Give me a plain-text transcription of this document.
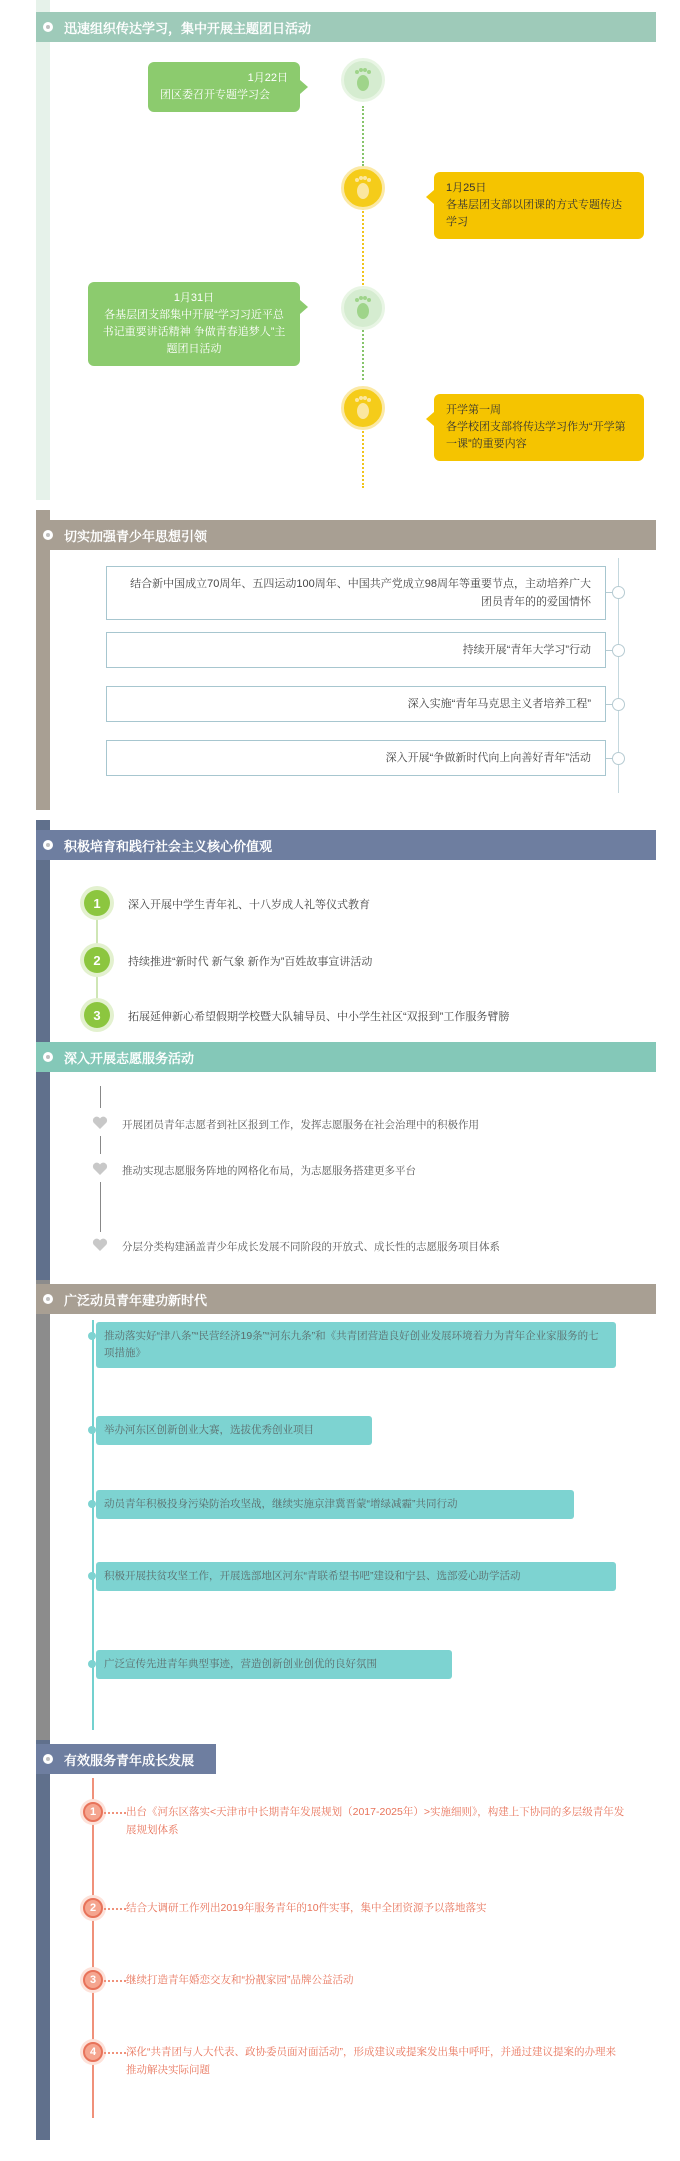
迅速组织传达学习，集中开展主题团日活动
1月22日
团区委召开专题学习会
1月25日
各基层团支部以团课的方式专题传达学习
1月31日
各基层团支部集中开展“学习习近平总书记重要讲话精神 争做青春追梦人”主题团日活动
开学第一周
各学校团支部将传达学习作为“开学第一课”的重要内容
切实加强青少年思想引领
结合新中国成立70周年、五四运动100周年、中国共产党成立98周年等重要节点，主动培养广大团员青年的的爱国情怀
持续开展“青年大学习”行动
深入实施“青年马克思主义者培养工程”
深入开展“争做新时代向上向善好青年”活动
积极培育和践行社会主义核心价值观
1	深入开展中学生青年礼、十八岁成人礼等仪式教育
2	持续推进“新时代 新气象 新作为”百姓故事宣讲活动
3	拓展延伸新心希望假期学校暨大队辅导员、中小学生社区“双报到”工作服务臂膀
深入开展志愿服务活动
开展团员青年志愿者到社区报到工作，发挥志愿服务在社会治理中的积极作用
推动实现志愿服务阵地的网格化布局，为志愿服务搭建更多平台
分层分类构建涵盖青少年成长发展不同阶段的开放式、成长性的志愿服务项目体系
广泛动员青年建功新时代
推动落实好“津八条”“民营经济19条”“河东九条”和《共青团营造良好创业发展环境着力为青年企业家服务的七项措施》
举办河东区创新创业大赛，选拔优秀创业项目
动员青年积极投身污染防治攻坚战，继续实施京津冀晋蒙“增绿减霾”共同行动
积极开展扶贫攻坚工作，开展选部地区河东“青联希望书吧”建设和宁县、选部爱心助学活动
广泛宣传先进青年典型事迹，营造创新创业创优的良好氛围
有效服务青年成长发展
1	出台《河东区落实<天津市中长期青年发展规划（2017-2025年）>实施细则》，构建上下协同的多层级青年发展规划体系
2	结合大调研工作列出2019年服务青年的10件实事，集中全团资源予以落地落实
3	继续打造青年婚恋交友和“扮靓家园”品牌公益活动
4	深化“共青团与人大代表、政协委员面对面活动”，形成建议或提案发出集中呼吁，并通过建议提案的办理来推动解决实际问题
